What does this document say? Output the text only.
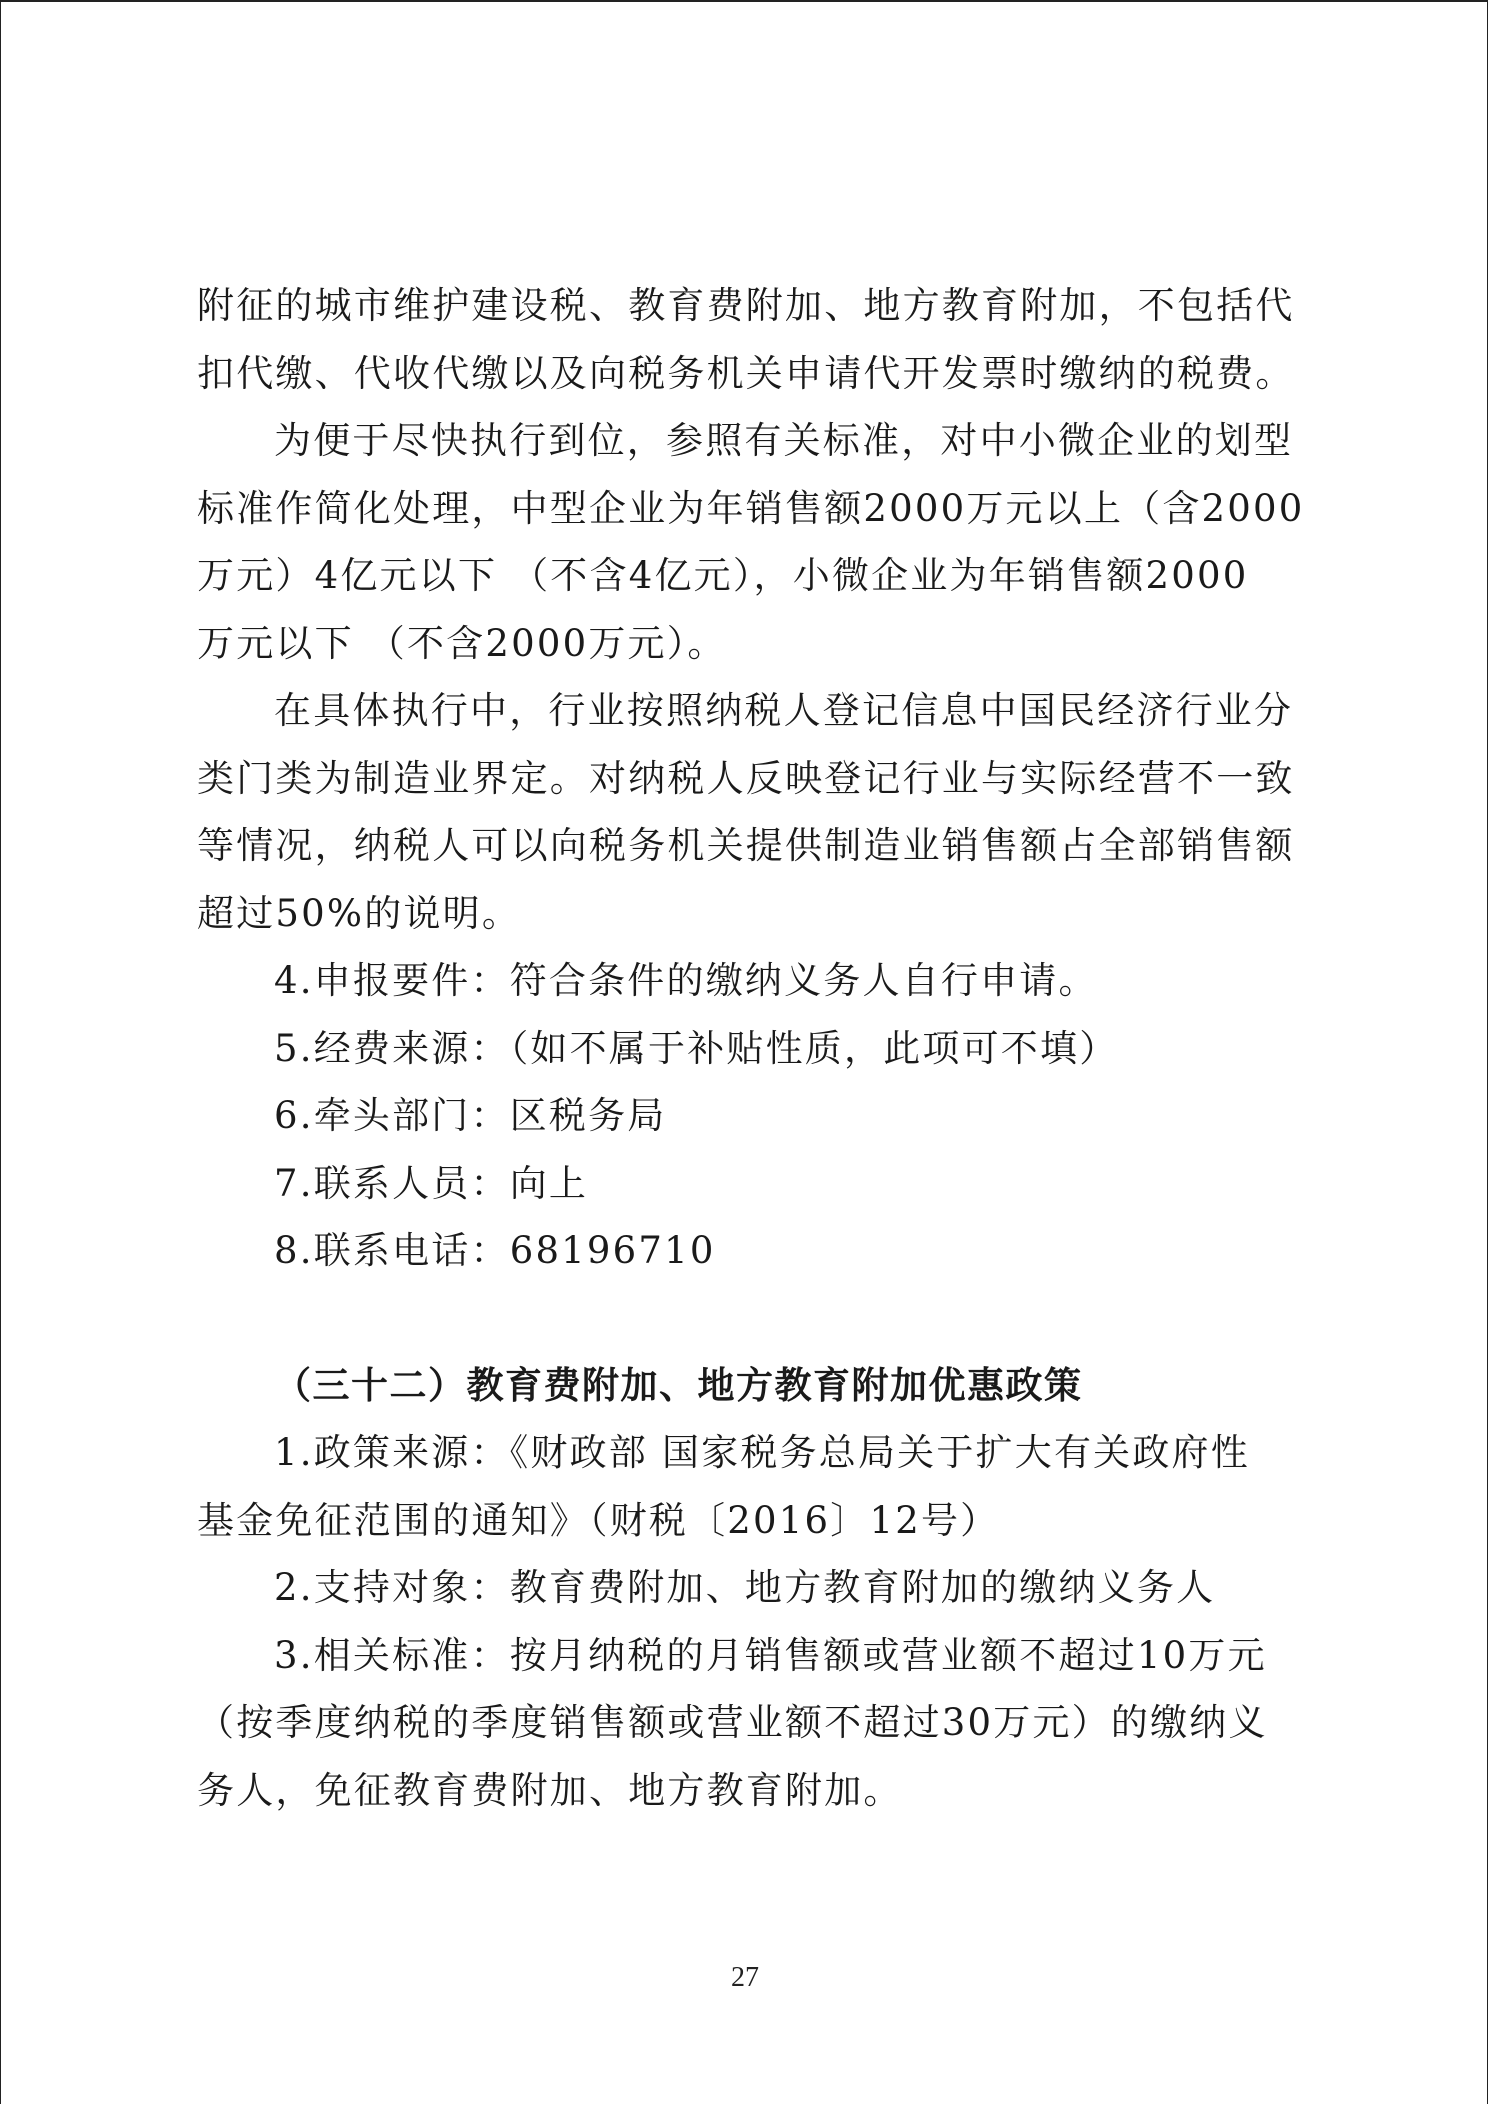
附征的城市维护建设税、教育费附加、地方教育附加，不包括代

扣代缴、代收代缴以及向税务机关申请代开发票时缴纳的税费。

为便于尽快执行到位，参照有关标准，对中小微企业的划型

标准作简化处理，中型企业为年销售额2000万元以上（含2000

万元）4亿元以下 （不含4亿元），小微企业为年销售额2000

万元以下 （不含2000万元）。

在具体执行中，行业按照纳税人登记信息中国民经济行业分

类门类为制造业界定。对纳税人反映登记行业与实际经营不一致

等情况，纳税人可以向税务机关提供制造业销售额占全部销售额

超过50%的说明。

4.申报要件：符合条件的缴纳义务人自行申请。

5.经费来源：（如不属于补贴性质，此项可不填）

6.牵头部门：区税务局

7.联系人员：向上

8.联系电话：68196710

（三十二）教育费附加、地方教育附加优惠政策

1.政策来源：《财政部 国家税务总局关于扩大有关政府性

基金免征范围的通知》（财税〔2016〕12号）

2.支持对象：教育费附加、地方教育附加的缴纳义务人

3.相关标准：按月纳税的月销售额或营业额不超过10万元

（按季度纳税的季度销售额或营业额不超过30万元）的缴纳义

务人，免征教育费附加、地方教育附加。

27
